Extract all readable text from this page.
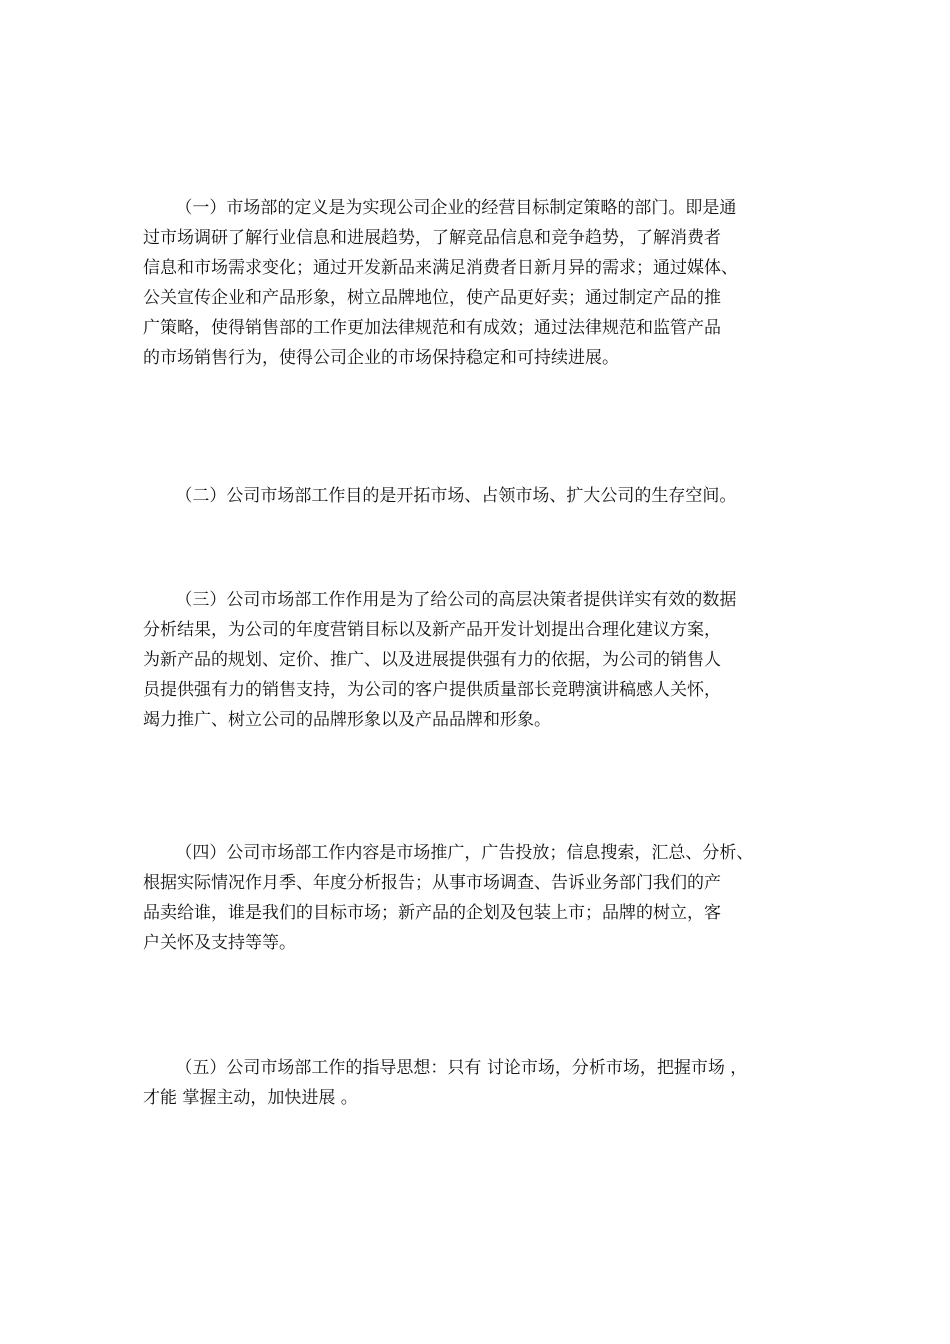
（一）市场部的定义是为实现公司企业的经营目标制定策略的部门。即是通
过市场调研了解行业信息和进展趋势，了解竞品信息和竞争趋势，了解消费者
信息和市场需求变化；通过开发新品来满足消费者日新月异的需求；通过媒体、
公关宣传企业和产品形象，树立品牌地位，使产品更好卖；通过制定产品的推
广策略，使得销售部的工作更加法律规范和有成效；通过法律规范和监管产品
的市场销售行为，使得公司企业的市场保持稳定和可持续进展。
（二）公司市场部工作目的是开拓市场、占领市场、扩大公司的生存空间。
（三）公司市场部工作作用是为了给公司的高层决策者提供详实有效的数据
分析结果，为公司的年度营销目标以及新产品开发计划提出合理化建议方案，
为新产品的规划、定价、推广、以及进展提供强有力的依据，为公司的销售人
员提供强有力的销售支持，为公司的客户提供质量部长竞聘演讲稿感人关怀，
竭力推广、树立公司的品牌形象以及产品品牌和形象。
（四）公司市场部工作内容是市场推广，广告投放；信息搜索，汇总、分析、
根据实际情况作月季、年度分析报告；从事市场调查、告诉业务部门我们的产
品卖给谁，谁是我们的目标市场；新产品的企划及包装上市；品牌的树立，客
户关怀及支持等等。
（五）公司市场部工作的指导思想：只有 讨论市场，分析市场，把握市场 ，
才能 掌握主动，加快进展 。
